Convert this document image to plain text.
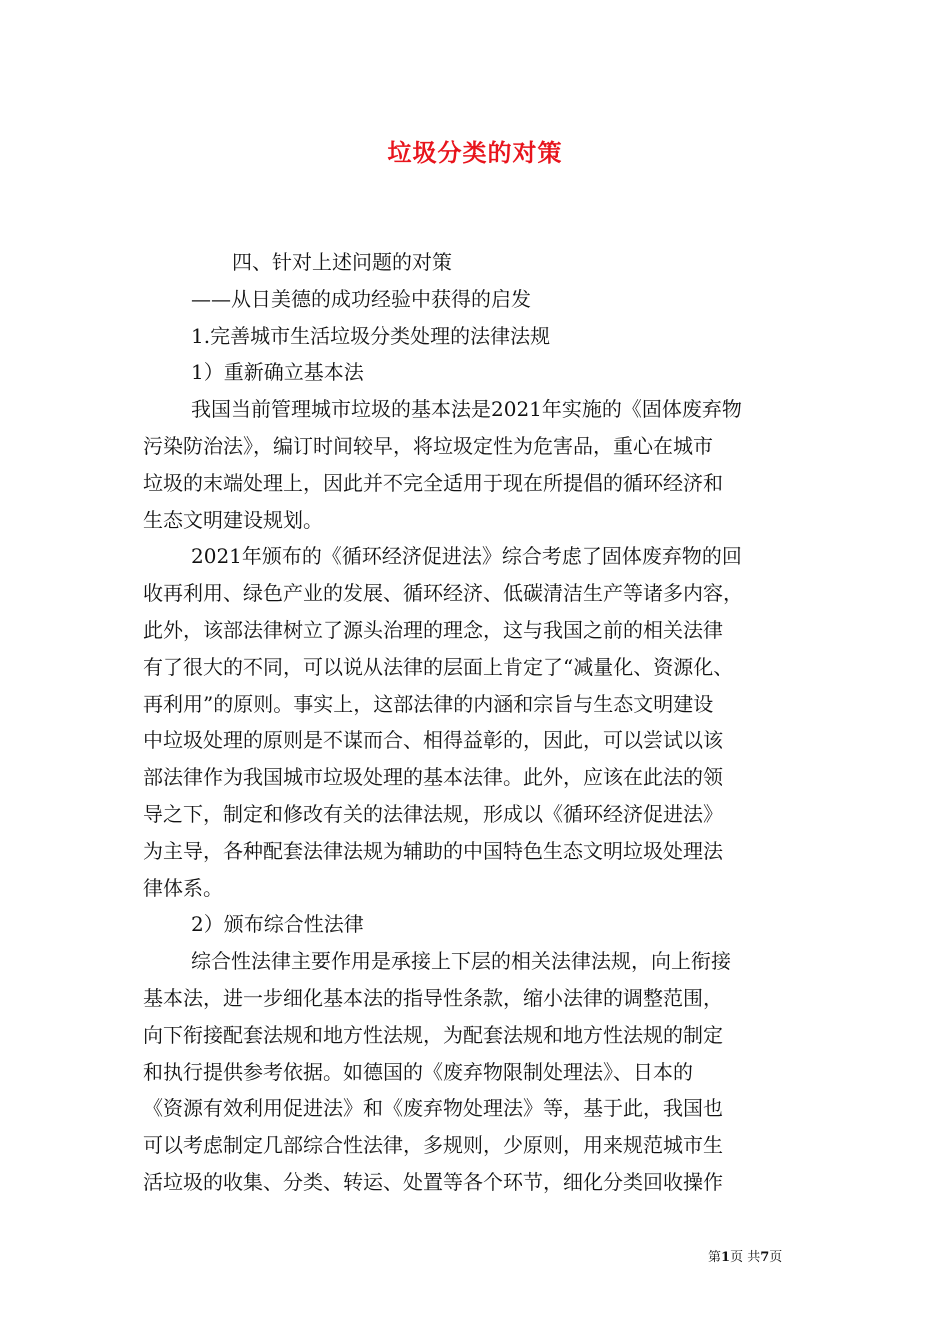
垃圾分类的对策
四、针对上述问题的对策
——从日美德的成功经验中获得的启发
1.完善城市生活垃圾分类处理的法律法规
1）重新确立基本法
我国当前管理城市垃圾的基本法是2021年实施的《固体废弃物
污染防治法》，编订时间较早，将垃圾定性为危害品，重心在城市
垃圾的末端处理上，因此并不完全适用于现在所提倡的循环经济和
生态文明建设规划。
2021年颁布的《循环经济促进法》综合考虑了固体废弃物的回
收再利用、绿色产业的发展、循环经济、低碳清洁生产等诸多内容，
此外，该部法律树立了源头治理的理念，这与我国之前的相关法律
有了很大的不同，可以说从法律的层面上肯定了“减量化、资源化、
再利用”的原则。事实上，这部法律的内涵和宗旨与生态文明建设
中垃圾处理的原则是不谋而合、相得益彰的，因此，可以尝试以该
部法律作为我国城市垃圾处理的基本法律。此外，应该在此法的领
导之下，制定和修改有关的法律法规，形成以《循环经济促进法》
为主导，各种配套法律法规为辅助的中国特色生态文明垃圾处理法
律体系。
2）颁布综合性法律
综合性法律主要作用是承接上下层的相关法律法规，向上衔接
基本法，进一步细化基本法的指导性条款，缩小法律的调整范围，
向下衔接配套法规和地方性法规，为配套法规和地方性法规的制定
和执行提供参考依据。如德国的《废弃物限制处理法》、日本的
《资源有效利用促进法》和《废弃物处理法》等，基于此，我国也
可以考虑制定几部综合性法律，多规则，少原则，用来规范城市生
活垃圾的收集、分类、转运、处置等各个环节，细化分类回收操作
第1页 共7页
